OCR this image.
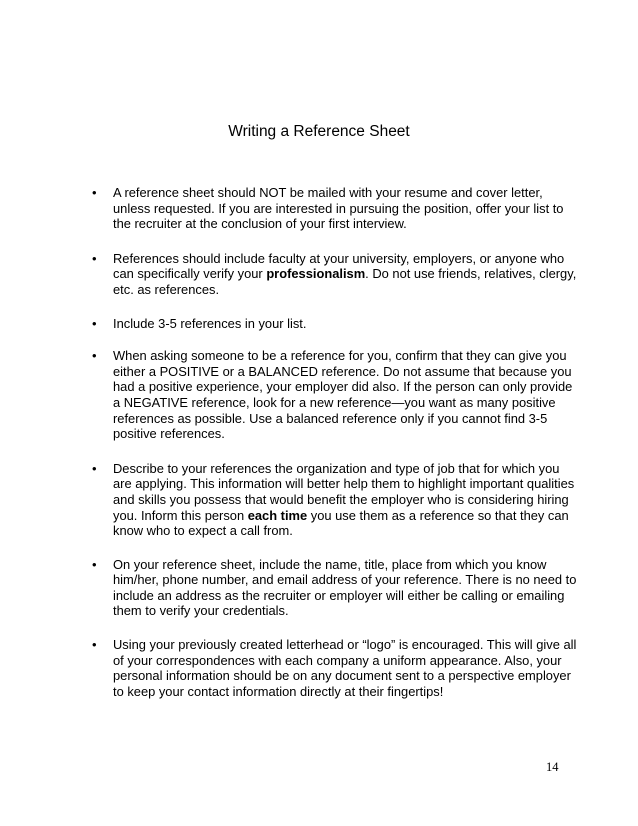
Writing a Reference Sheet
• A reference sheet should NOT be mailed with your resume and cover letter, unless requested. If you are interested in pursuing the position, offer your list to the recruiter at the conclusion of your first interview.
• References should include faculty at your university, employers, or anyone who can specifically verify your professionalism. Do not use friends, relatives, clergy, etc. as references.
• Include 3-5 references in your list.
• When asking someone to be a reference for you, confirm that they can give you either a POSITIVE or a BALANCED reference. Do not assume that because you had a positive experience, your employer did also. If the person can only provide a NEGATIVE reference, look for a new reference—you want as many positive references as possible. Use a balanced reference only if you cannot find 3-5 positive references.
• Describe to your references the organization and type of job that for which you are applying. This information will better help them to highlight important qualities and skills you possess that would benefit the employer who is considering hiring you. Inform this person each time you use them as a reference so that they can know who to expect a call from.
• On your reference sheet, include the name, title, place from which you know him/her, phone number, and email address of your reference. There is no need to include an address as the recruiter or employer will either be calling or emailing them to verify your credentials.
• Using your previously created letterhead or “logo” is encouraged. This will give all of your correspondences with each company a uniform appearance. Also, your personal information should be on any document sent to a perspective employer to keep your contact information directly at their fingertips!
14
